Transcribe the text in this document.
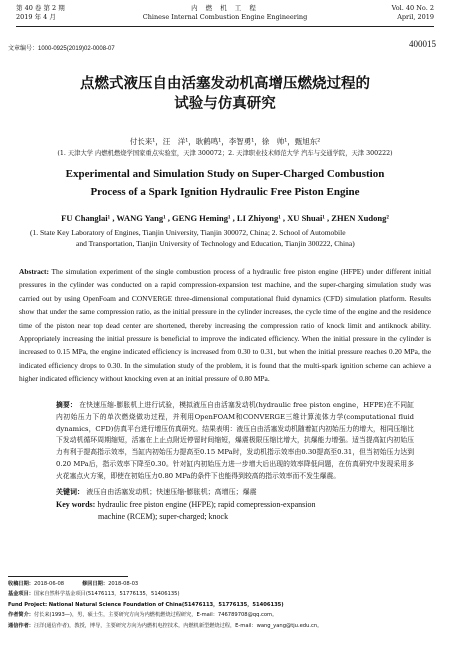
第 40 卷 第 2 期
2019 年 4 月
内 燃 机 工 程
Chinese Internal Combustion Engine Engineering
Vol. 40 No. 2
April, 2019
文章编号：1000-0925(2019)02-0008-07	400015
点燃式液压自由活塞发动机高增压燃烧过程的
试验与仿真研究
付长来¹，汪　洋¹，耿鹤鸣¹，李智勇¹，徐　帅¹，甄旭东²
(1. 天津大学 内燃机燃烧学国家重点实验室，天津 300072；2. 天津职业技术师范大学 汽车与交通学院，天津 300222)
Experimental and Simulation Study on Super-Charged Combustion
Process of a Spark Ignition Hydraulic Free Piston Engine
FU Changlai¹ , WANG Yang¹ , GENG Heming¹ , LI Zhiyong¹ , XU Shuai¹ , ZHEN Xudong²
(1. State Key Laboratory of Engines, Tianjin University, Tianjin 300072, China; 2. School of Automobile
and Transportation, Tianjin University of Technology and Education, Tianjin 300222, China)
Abstract: The simulation experiment of the single combustion process of a hydraulic free piston engine (HFPE) under different initial pressures in the cylinder was conducted on a rapid compression-expansion test machine, and the super-charging simulation study was carried out by using OpenFoam and CONVERGE three-dimensional computational fluid dynamics (CFD) simulation platform. Results show that under the same compression ratio, as the initial pressure in the cylinder increases, the cycle time of the engine and the residence time of the piston near top dead center are shortened, thereby increasing the compression ratio of knock limit and antiknock ability. Appropriately increasing the initial pressure is beneficial to improve the indicated efficiency. When the initial pressure in the cylinder is increased to 0.15 MPa, the engine indicated efficiency is increased from 0.30 to 0.31, but when the initial pressure reaches 0.20 MPa, the indicated efficiency drops to 0.30. In the simulation study of the problem, it is found that the multi-spark ignition scheme can achieve a higher indicated efficiency without knocking even at an initial pressure of 0.80 MPa.
摘要： 在快速压缩-膨胀机上进行试验，模拟液压自由活塞发动机(hydraulic free piston engine，HFPE)在不同缸内初始压力下的单次燃烧做功过程，并利用OpenFOAM和CONVERGE三维计算流体力学(computational fluid dynamics，CFD)仿真平台进行增压仿真研究。结果表明：液压自由活塞发动机随着缸内初始压力的增大，相同压缩比下发动机循环周期缩短，活塞在上止点附近停留时间缩短，爆震极限压缩比增大，抗爆能力增强。适当提高缸内初始压力有利于提高指示效率，当缸内初始压力提高至0.15 MPa时，发动机指示效率由0.30提高至0.31，但当初始压力达到0.20 MPa后，指示效率下降至0.30。针对缸内初始压力进一步增大后出现的效率降低问题，在仿真研究中发现采用多火花塞点火方案，即使在初始压力0.80 MPa的条件下也能得到较高的指示效率而不发生爆震。
关键词： 液压自由活塞发动机；快速压缩-膨胀机；高增压；爆震
Key words: hydraulic free piston engine (HFPE); rapid comepression-expansion
machine (RCEM); super-charged; knock
收稿日期：2018-06-08	修回日期：2018-08-03
基金项目：国家自然科学基金项目(51476113，51776135，51406135)
Fund Project: National Natural Science Foundation of China(51476113，51776135，51406135)
作者简介：付长来(1993—)，男，硕士生，主要研究方向为内燃机燃烧过程研究，E-mail：746789708@qq.com。
通信作者：汪洋(通信作者)，教授，博导，主要研究方向为内燃机电控技术，内燃机新型燃烧过程，E-mail：wang_yang@tju.edu.cn。
